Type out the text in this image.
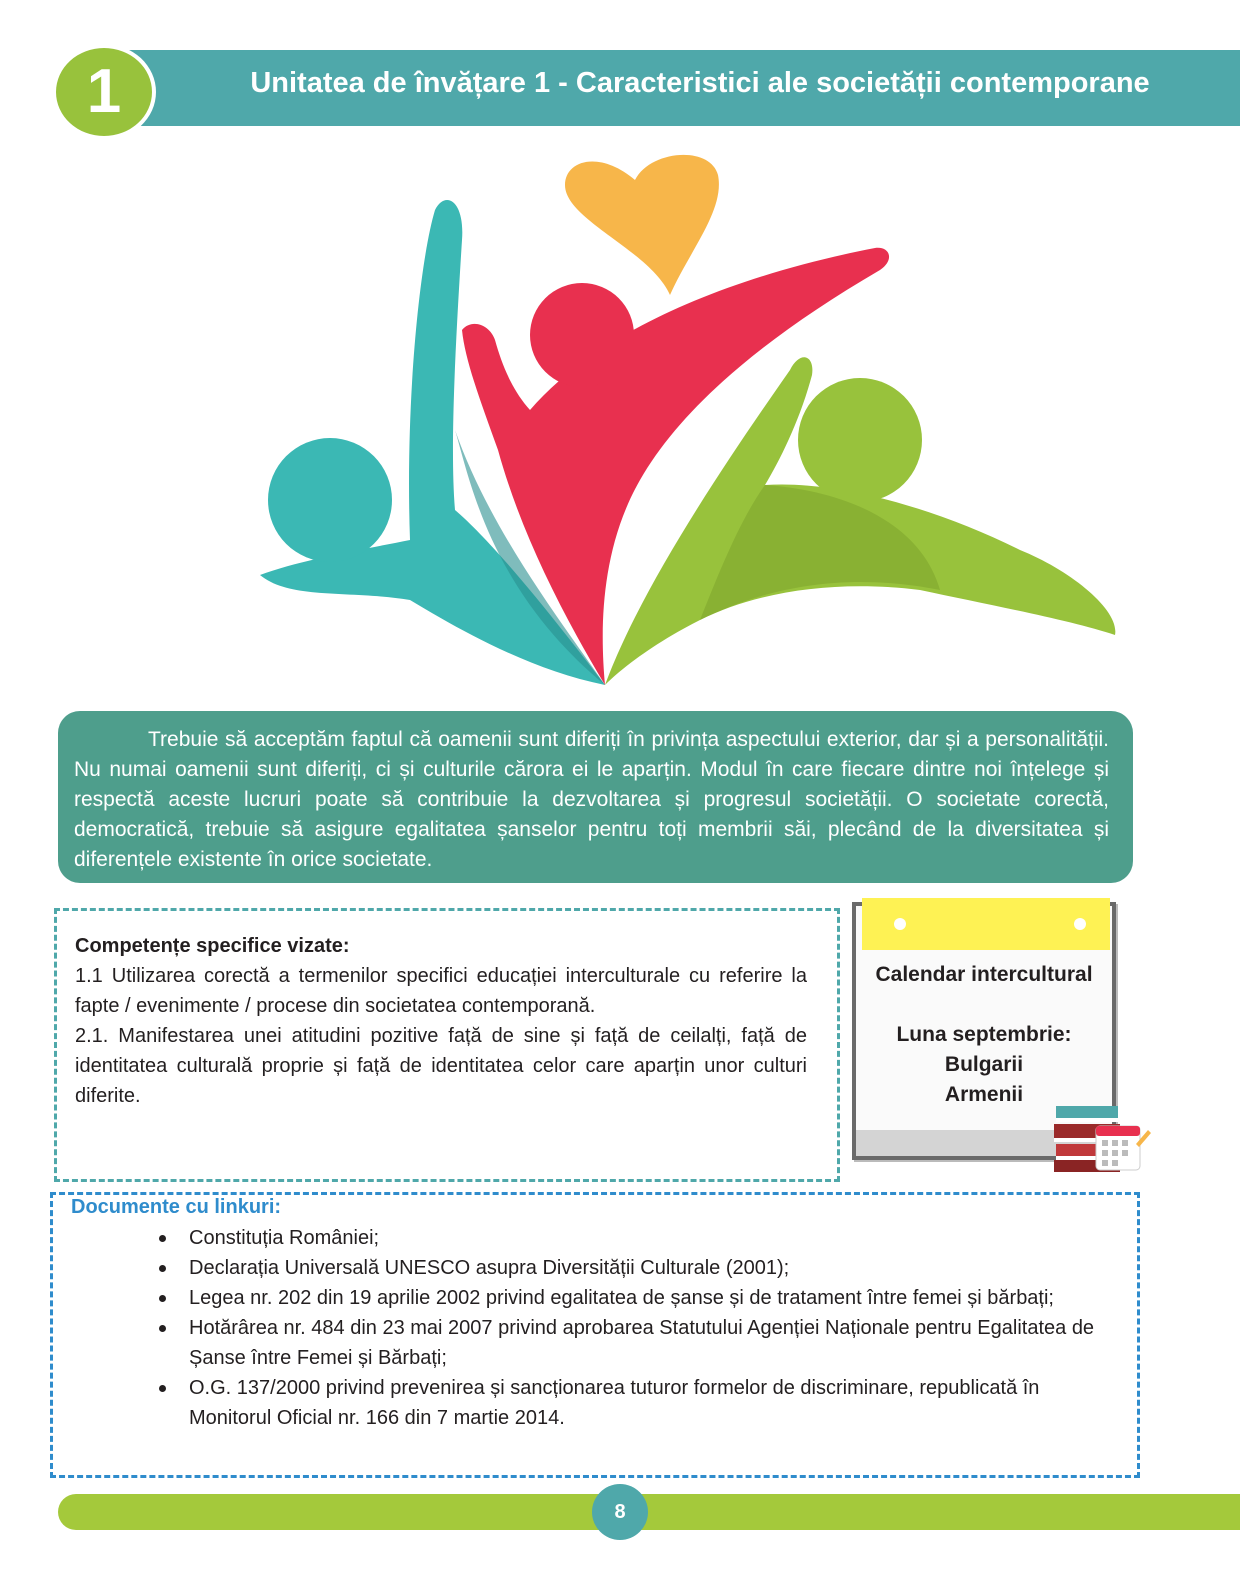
Unitatea de învățare 1 - Caracteristici ale societății contemporane
1

Trebuie să acceptăm faptul că oamenii sunt diferiți în privința aspectului exterior, dar și a personalității. Nu numai oamenii sunt diferiți, ci și culturile cărora ei le aparțin. Modul în care fiecare dintre noi înțelege și respectă aceste lucruri poate să contribuie la dezvoltarea și progresul societății. O societate corectă, democratică, trebuie să asigure egalitatea șanselor pentru toți membrii săi, plecând de la diversitatea și diferențele existente în orice societate.

Competențe specifice vizate:

1.1 Utilizarea corectă a termenilor specifici educației interculturale cu referire la fapte / evenimente / procese din societatea contemporană.

2.1. Manifestarea unei atitudini pozitive față de sine și față de ceilalți, față de identitatea culturală proprie și față de identitatea celor care aparțin unor culturi diferite.

Calendar intercultural
Luna septembrie:
Bulgarii
Armenii
Documente cu linkuri:
Constituția României;
Declarația Universală UNESCO asupra Diversității Culturale (2001);
Legea nr. 202 din 19 aprilie 2002 privind egalitatea de șanse și de tratament între femei și bărbați;
Hotărârea nr. 484 din 23 mai 2007 privind aprobarea Statutului Agenției Naționale pentru Egalitatea de Șanse între Femei și Bărbați;
O.G. 137/2000 privind prevenirea și sancționarea tuturor formelor de discriminare, republicată în Monitorul Oficial nr. 166 din 7 martie 2014.
8
